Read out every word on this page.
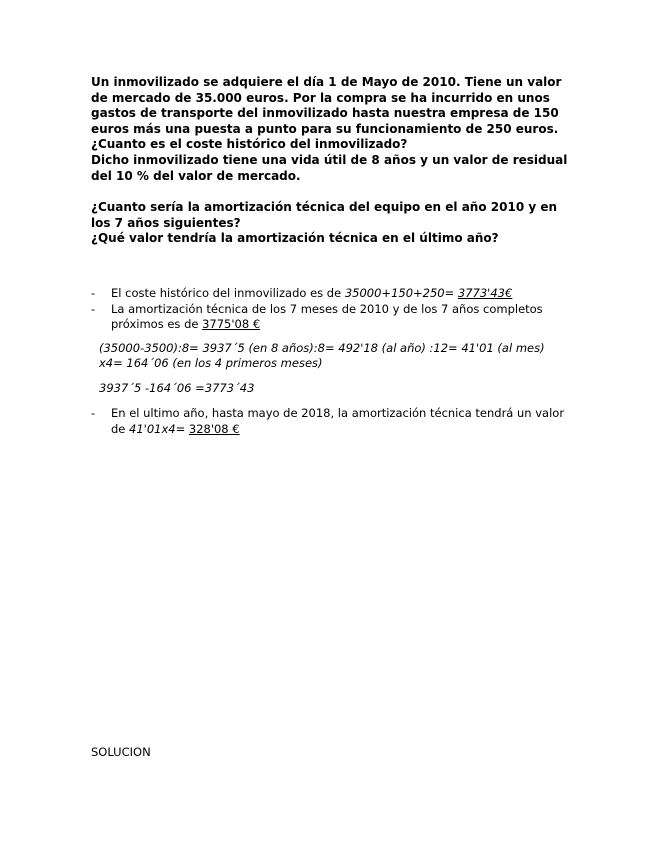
Un inmovilizado se adquiere el día 1 de Mayo de 2010. Tiene un valor de mercado de 35.000 euros. Por la compra se ha incurrido en unos gastos de transporte del inmovilizado hasta nuestra empresa de 150 euros más una puesta a punto para su funcionamiento de 250 euros.

¿Cuanto es el coste histórico del inmovilizado?

Dicho inmovilizado tiene una vida útil de 8 años y un valor de residual del 10 % del valor de mercado.

¿Cuanto sería la amortización técnica del equipo en el año 2010 y en los 7 años siguientes?

¿Qué valor tendría la amortización técnica en el último año?

-	El coste histórico del inmovilizado es de 35000+150+250= 3773'43€
-	La amortización técnica de los 7 meses de 2010 y de los 7 años completos próximos es de 3775'08 €
(35000-3500):8= 3937´5 (en 8 años):8= 492'18 (al año) :12= 41'01 (al mes)
x4= 164´06 (en los 4 primeros meses)
3937´5 -164´06 =3773´43
-	En el ultimo año, hasta mayo de 2018, la amortización técnica tendrá un valor de 41'01x4= 328'08 €
SOLUCION
